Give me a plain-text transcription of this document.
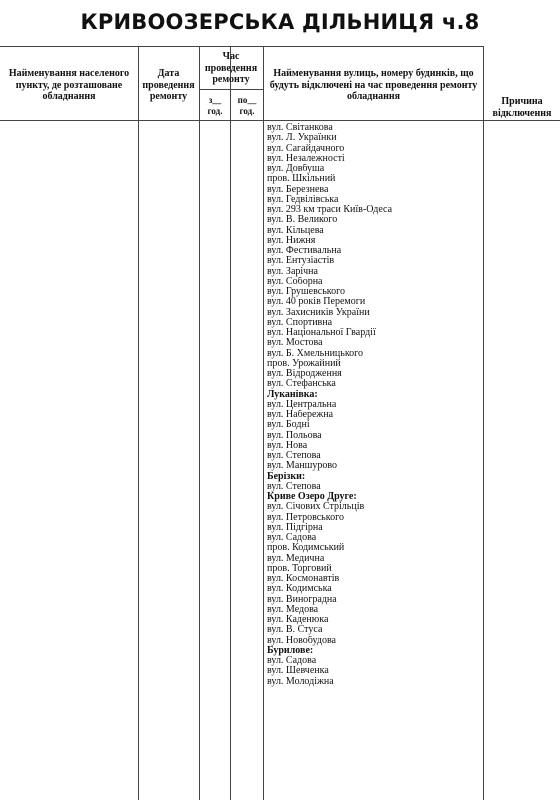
КРИВООЗЕРСЬКА ДІЛЬНИЦЯ ч.8
Найменування населеного пункту, де розташоване обладнання
Дата проведення ремонту
Час проведення ремонту
з__ год.
по__ год.
Найменування вулиць, номеру будинків, що будуть відключені на час проведення ремонту обладнання	Причина відключення
вул. Світанкова
вул. Л. Українки
вул. Сагайдачного
вул. Незалежності
вул. Довбуша
пров. Шкільний
вул. Березнева
вул. Гедвілівська
вул. 293 км траси Київ-Одеса
вул. В. Великого
вул. Кільцева
вул. Нижня
вул. Фестивальна
вул. Ентузіастів
вул. Зарічна
вул. Соборна
вул. Грушевського
вул. 40 років Перемоги
вул. Захисників України
вул. Спортивна
вул. Національної Гвардії
вул. Мостова
вул. Б. Хмельницького
пров. Урожайний
вул. Відродження
вул. Стефанська
Луканівка:
вул. Центральна
вул. Набережна
вул. Бодні
вул. Польова
вул. Нова
вул. Степова
вул. Маншурово
Берізки:
вул. Степова
Криве Озеро Друге:
вул. Січових Стрільців
вул. Петровського
вул. Підгірна
вул. Садова
пров. Кодимський
вул. Медична
пров. Торговий
вул. Космонавтів
вул. Кодимська
вул. Виноградна
вул. Медова
вул. Каденюка
вул. В. Стуса
вул. Новобудова
Бурилове:
вул. Садова
вул. Шевченка
вул. Молодіжна
